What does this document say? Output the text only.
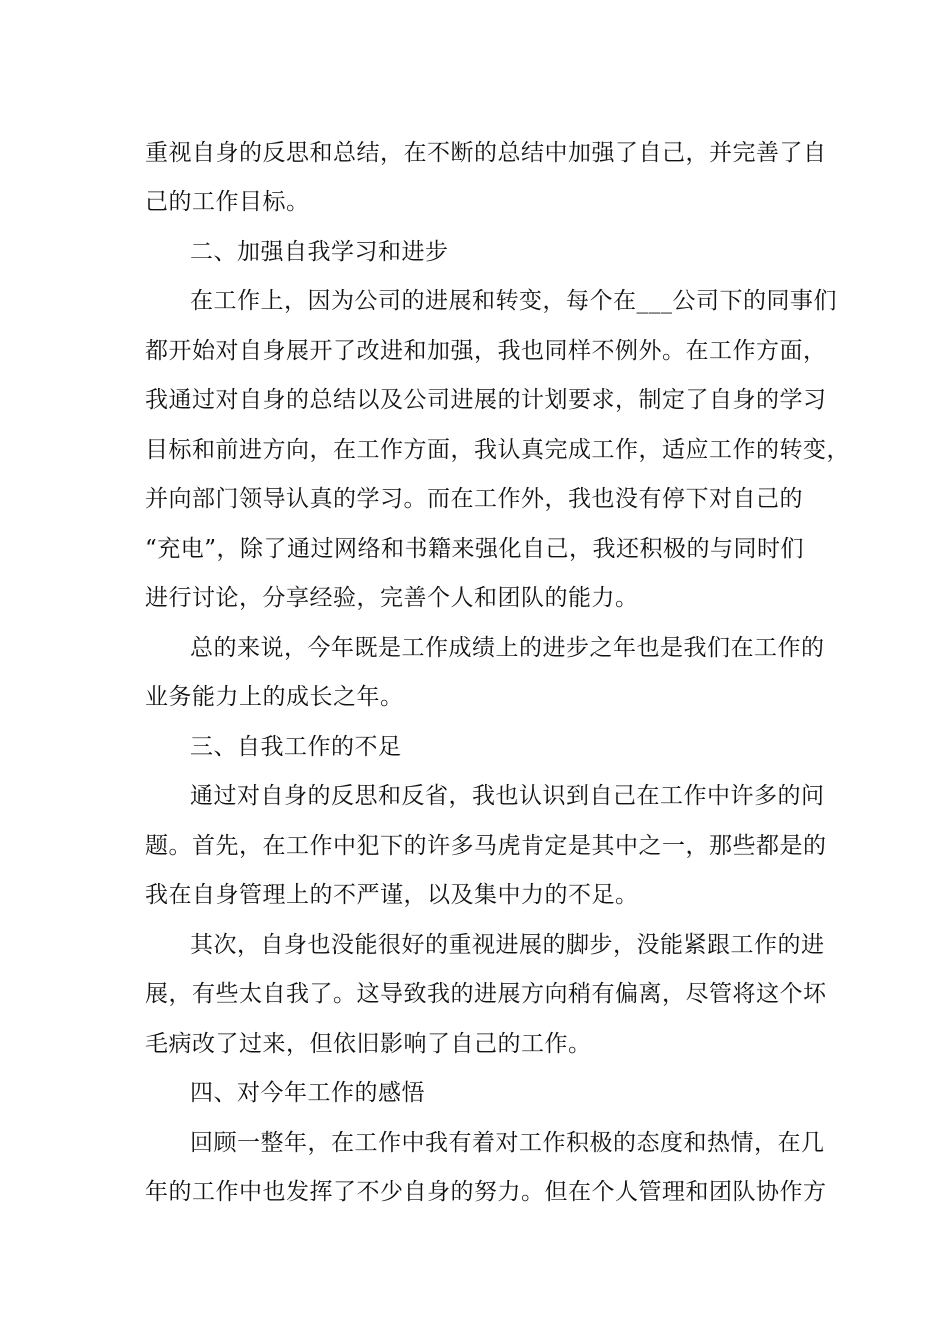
重视自身的反思和总结，在不断的总结中加强了自己，并完善了自
己的工作目标。
二、加强自我学习和进步
在工作上，因为公司的进展和转变，每个在___公司下的同事们
都开始对自身展开了改进和加强，我也同样不例外。在工作方面，
我通过对自身的总结以及公司进展的计划要求，制定了自身的学习
目标和前进方向，在工作方面，我认真完成工作，适应工作的转变，
并向部门领导认真的学习。而在工作外，我也没有停下对自己的
“充电”，除了通过网络和书籍来强化自己，我还积极的与同时们
进行讨论，分享经验，完善个人和团队的能力。
总的来说，今年既是工作成绩上的进步之年也是我们在工作的
业务能力上的成长之年。
三、自我工作的不足
通过对自身的反思和反省，我也认识到自己在工作中许多的问
题。首先，在工作中犯下的许多马虎肯定是其中之一，那些都是的
我在自身管理上的不严谨，以及集中力的不足。
其次，自身也没能很好的重视进展的脚步，没能紧跟工作的进
展，有些太自我了。这导致我的进展方向稍有偏离，尽管将这个坏
毛病改了过来，但依旧影响了自己的工作。
四、对今年工作的感悟
回顾一整年，在工作中我有着对工作积极的态度和热情，在几
年的工作中也发挥了不少自身的努力。但在个人管理和团队协作方
